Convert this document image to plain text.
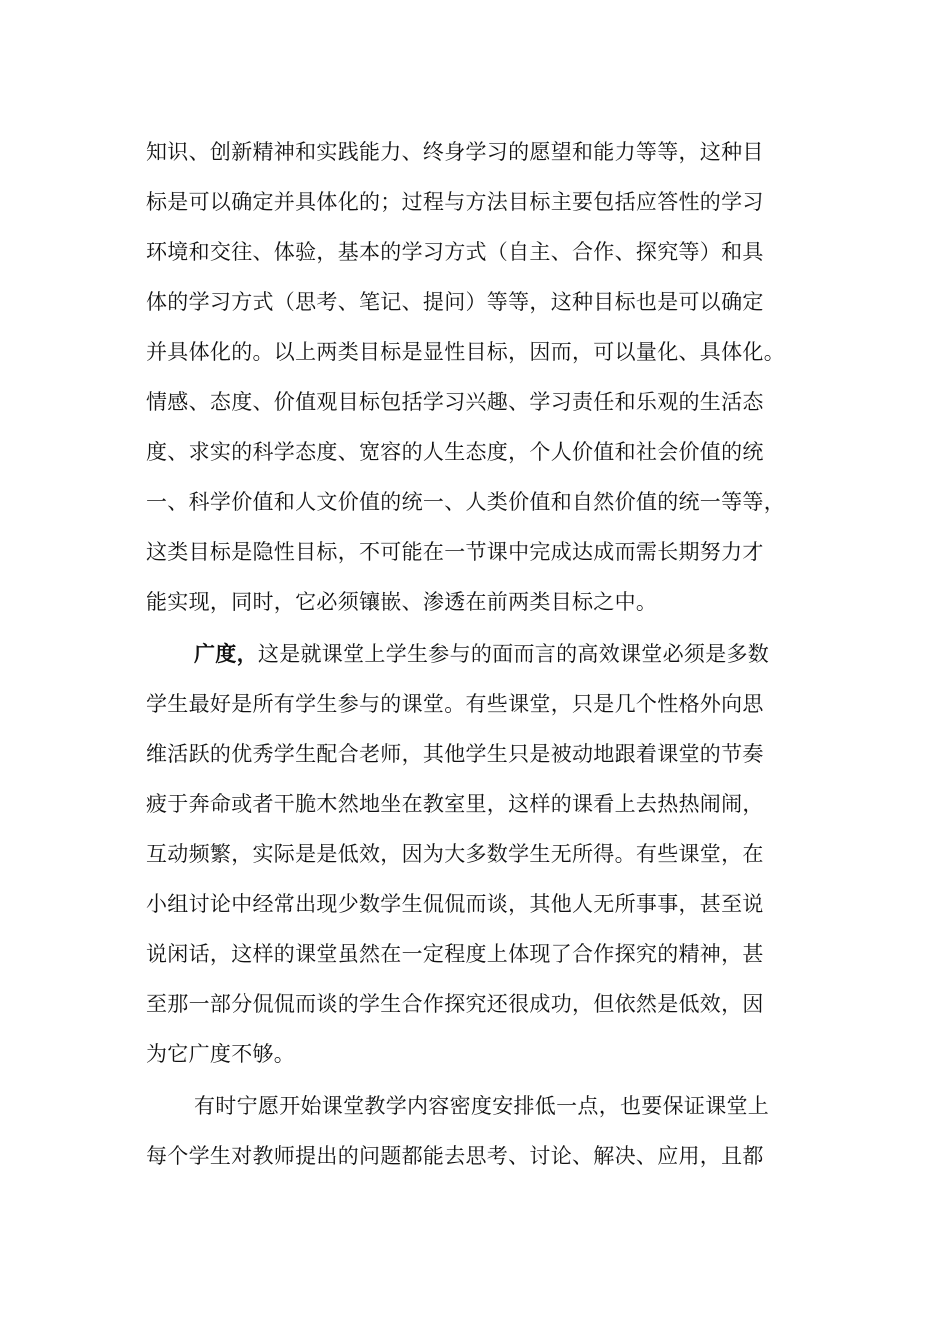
知识、创新精神和实践能力、终身学习的愿望和能力等等，这种目
标是可以确定并具体化的；过程与方法目标主要包括应答性的学习
环境和交往、体验，基本的学习方式（自主、合作、探究等）和具
体的学习方式（思考、笔记、提问）等等，这种目标也是可以确定
并具体化的。以上两类目标是显性目标，因而，可以量化、具体化。
情感、态度、价值观目标包括学习兴趣、学习责任和乐观的生活态
度、求实的科学态度、宽容的人生态度，个人价值和社会价值的统
一、科学价值和人文价值的统一、人类价值和自然价值的统一等等，
这类目标是隐性目标，不可能在一节课中完成达成而需长期努力才
能实现，同时，它必须镶嵌、渗透在前两类目标之中。
广度，这是就课堂上学生参与的面而言的高效课堂必须是多数
学生最好是所有学生参与的课堂。有些课堂，只是几个性格外向思
维活跃的优秀学生配合老师，其他学生只是被动地跟着课堂的节奏
疲于奔命或者干脆木然地坐在教室里，这样的课看上去热热闹闹，
互动频繁，实际是是低效，因为大多数学生无所得。有些课堂，在
小组讨论中经常出现少数学生侃侃而谈，其他人无所事事，甚至说
说闲话，这样的课堂虽然在一定程度上体现了合作探究的精神，甚
至那一部分侃侃而谈的学生合作探究还很成功，但依然是低效，因
为它广度不够。
有时宁愿开始课堂教学内容密度安排低一点，也要保证课堂上
每个学生对教师提出的问题都能去思考、讨论、解决、应用，且都
